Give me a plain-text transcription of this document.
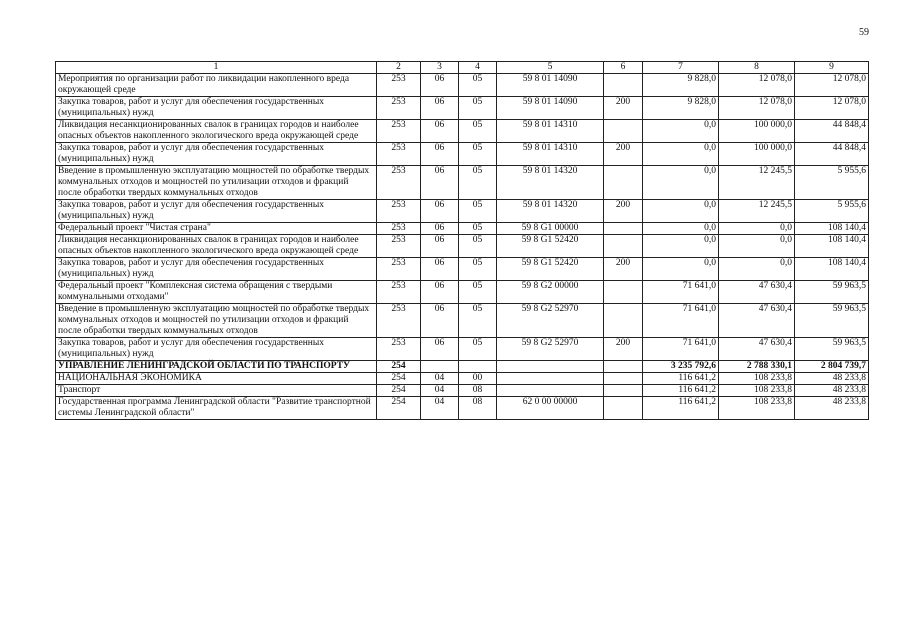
59
1	2	3	4	5	6	7	8	9
Мероприятия по организации работ по ликвидации накопленного вреда окружающей среде	253	06	05	59 8 01 14090		9 828,0	12 078,0	12 078,0
Закупка товаров, работ и услуг для обеспечения государственных (муниципальных) нужд	253	06	05	59 8 01 14090	200	9 828,0	12 078,0	12 078,0
Ликвидация несанкционированных свалок в границах городов и наиболее опасных объектов накопленного экологического вреда окружающей среде	253	06	05	59 8 01 14310		0,0	100 000,0	44 848,4
Закупка товаров, работ и услуг для обеспечения государственных (муниципальных) нужд	253	06	05	59 8 01 14310	200	0,0	100 000,0	44 848,4
Введение в промышленную эксплуатацию мощностей по обработке твердых коммунальных отходов и мощностей по утилизации отходов и фракций после обработки твердых коммунальных отходов	253	06	05	59 8 01 14320		0,0	12 245,5	5 955,6
Закупка товаров, работ и услуг для обеспечения государственных (муниципальных) нужд	253	06	05	59 8 01 14320	200	0,0	12 245,5	5 955,6
Федеральный проект "Чистая страна"	253	06	05	59 8 G1 00000		0,0	0,0	108 140,4
Ликвидация несанкционированных свалок в границах городов и наиболее опасных объектов накопленного экологического вреда окружающей среде	253	06	05	59 8 G1 52420		0,0	0,0	108 140,4
Закупка товаров, работ и услуг для обеспечения государственных (муниципальных) нужд	253	06	05	59 8 G1 52420	200	0,0	0,0	108 140,4
Федеральный проект "Комплексная система обращения с твердыми коммунальными отходами"	253	06	05	59 8 G2 00000		71 641,0	47 630,4	59 963,5
Введение в промышленную эксплуатацию мощностей по обработке твердых коммунальных отходов и мощностей по утилизации отходов и фракций после обработки твердых коммунальных отходов	253	06	05	59 8 G2 52970		71 641,0	47 630,4	59 963,5
Закупка товаров, работ и услуг для обеспечения государственных (муниципальных) нужд	253	06	05	59 8 G2 52970	200	71 641,0	47 630,4	59 963,5
УПРАВЛЕНИЕ ЛЕНИНГРАДСКОЙ ОБЛАСТИ ПО ТРАНСПОРТУ	254					3 235 792,6	2 788 330,1	2 804 739,7
НАЦИОНАЛЬНАЯ ЭКОНОМИКА	254	04	00			116 641,2	108 233,8	48 233,8
Транспорт	254	04	08			116 641,2	108 233,8	48 233,8
Государственная программа Ленинградской области "Развитие транспортной системы Ленинградской области"	254	04	08	62 0 00 00000		116 641,2	108 233,8	48 233,8
